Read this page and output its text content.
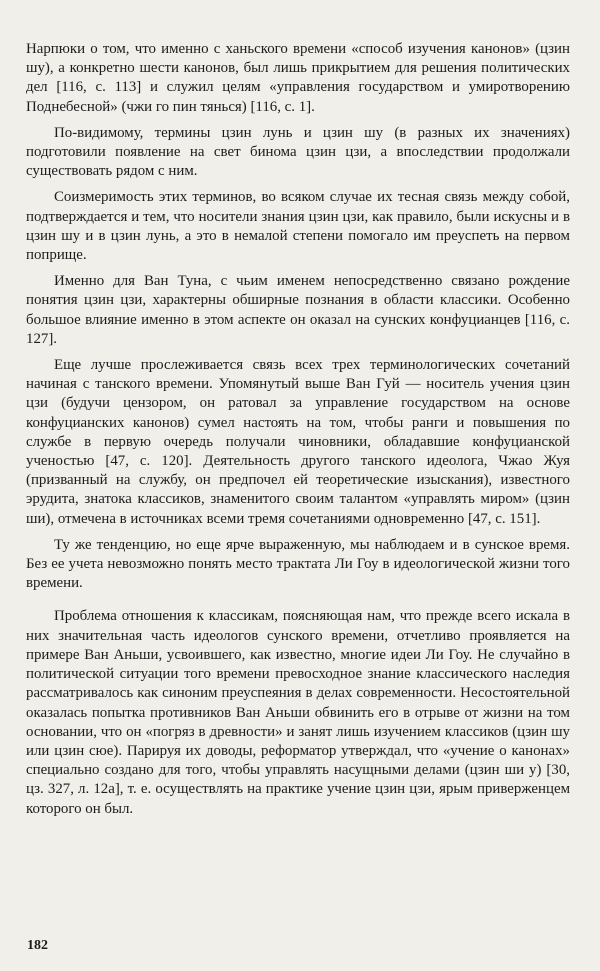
Нарпюки о том, что именно с ханьского времени «способ изучения канонов» (цзин шу), а конкретно шести канонов, был лишь прикрытием для решения политических дел [116, с. 113] и служил целям «управления государством и умиротворению Поднебесной» (чжи го пин тянься) [116, с. 1].

По-видимому, термины цзин лунь и цзин шу (в разных их значениях) подготовили появление на свет бинома цзин цзи, а впоследствии продолжали существовать рядом с ним.

Соизмеримость этих терминов, во всяком случае их тесная связь между собой, подтверждается и тем, что носители знания цзин цзи, как правило, были искусны и в цзин шу и в цзин лунь, а это в немалой степени помогало им преуспеть на первом поприще.

Именно для Ван Туна, с чьим именем непосредственно связано рождение понятия цзин цзи, характерны обширные познания в области классики. Особенно большое влияние именно в этом аспекте он оказал на сунских конфуцианцев [116, с. 127].

Еще лучше прослеживается связь всех трех терминологических сочетаний начиная с танского времени. Упомянутый выше Ван Гуй — носитель учения цзин цзи (будучи цензором, он ратовал за управление государством на основе конфуцианских канонов) сумел настоять на том, чтобы ранги и повышения по службе в первую очередь получали чиновники, обладавшие конфуцианской ученостью [47, с. 120]. Деятельность другого танского идеолога, Чжао Жуя (призванный на службу, он предпочел ей теоретические изыскания), известного эрудита, знатока классиков, знаменитого своим талантом «управлять миром» (цзин ши), отмечена в источниках всеми тремя сочетаниями одновременно [47, с. 151].

Ту же тенденцию, но еще ярче выраженную, мы наблюдаем и в сунское время. Без ее учета невозможно понять место трактата Ли Гоу в идеологической жизни того времени.

Проблема отношения к классикам, поясняющая нам, что прежде всего искала в них значительная часть идеологов сунского времени, отчетливо проявляется на примере Ван Аньши, усвоившего, как известно, многие идеи Ли Гоу. Не случайно в политической ситуации того времени превосходное знание классического наследия рассматривалось как синоним преуспеяния в делах современности. Несостоятельной оказалась попытка противников Ван Аньши обвинить его в отрыве от жизни на том основании, что он «погряз в древности» и занят лишь изучением классиков (цзин шу или цзин сюе). Парируя их доводы, реформатор утверждал, что «учение о канонах» специально создано для того, чтобы управлять насущными делами (цзин ши у) [30, цз. 327, л. 12а], т. е. осуществлять на практике учение цзин цзи, ярым приверженцем которого он был.

182
